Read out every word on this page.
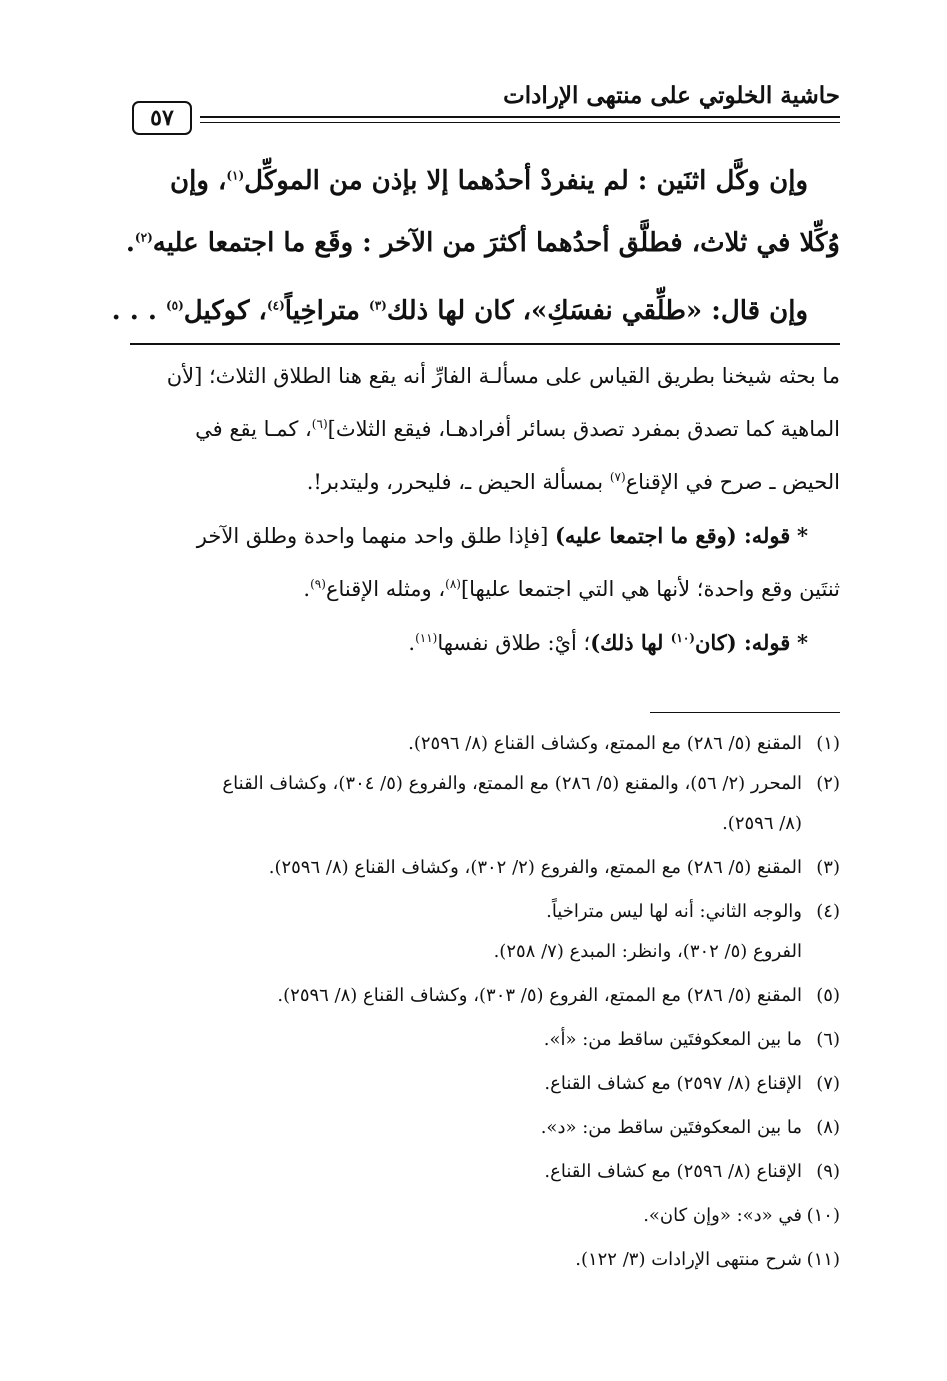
حاشية الخلوتي على منتهى الإرادات
٥٧
وإن وكَّل اثنَين : لم ينفردْ أحدُهما إلا بإذن من الموكِّل$^{(١)}$، وإن
وُكِّلا في ثلاث، فطلَّق أحدُهما أكثرَ من الآخر : وقَع ما اجتمعا عليه$^{(٢)}$.
وإن قال: «طلِّقي نفسَكِ»، كان لها ذلك$^{(٣)}$ متراخِياً$^{(٤)}$، كوكيل$^{(٥)}$ . . .
ما بحثه شيخنا بطريق القياس على مسألـة الفارِّ أنه يقع هنا الطلاق الثلاث؛ [لأن
الماهية كما تصدق بمفرد تصدق بسائر أفرادهـا، فيقع الثلاث]$^{(٦)}$، كمـا يقع في
الحيض ـ صرح في الإقناع$^{(٧)}$ بمسألة الحيض ـ، فليحرر، وليتدبر!.
* قوله: (وقع ما اجتمعا عليه) [فإذا طلق واحد منهما واحدة وطلق الآخر
ثنتَين وقع واحدة؛ لأنها هي التي اجتمعا عليها]$^{(٨)}$، ومثله الإقناع$^{(٩)}$.
* قوله: (كان$^{(١٠)}$ لها ذلك)؛ أيْ: طلاق نفسها$^{(١١)}$.
(١)المقنع (٥/ ٢٨٦) مع الممتع، وكشاف القناع (٨/ ٢٥٩٦).
(٢)المحرر (٢/ ٥٦)، والمقنع (٥/ ٢٨٦) مع الممتع، والفروع (٥/ ٣٠٤)، وكشاف القناع
(٨/ ٢٥٩٦).
(٣)المقنع (٥/ ٢٨٦) مع الممتع، والفروع (٢/ ٣٠٢)، وكشاف القناع (٨/ ٢٥٩٦).
(٤)والوجه الثاني: أنه لها ليس متراخياً.
الفروع (٥/ ٣٠٢)، وانظر: المبدع (٧/ ٢٥٨).
(٥)المقنع (٥/ ٢٨٦) مع الممتع، الفروع (٥/ ٣٠٣)، وكشاف القناع (٨/ ٢٥٩٦).
(٦)ما بين المعكوفتَين ساقط من: «أ».
(٧)الإقناع (٨/ ٢٥٩٧) مع كشاف القناع.
(٨)ما بين المعكوفتَين ساقط من: «د».
(٩)الإقناع (٨/ ٢٥٩٦) مع كشاف القناع.
(١٠)في «د»: «وإن كان».
(١١)شرح منتهى الإرادات (٣/ ١٢٢).
